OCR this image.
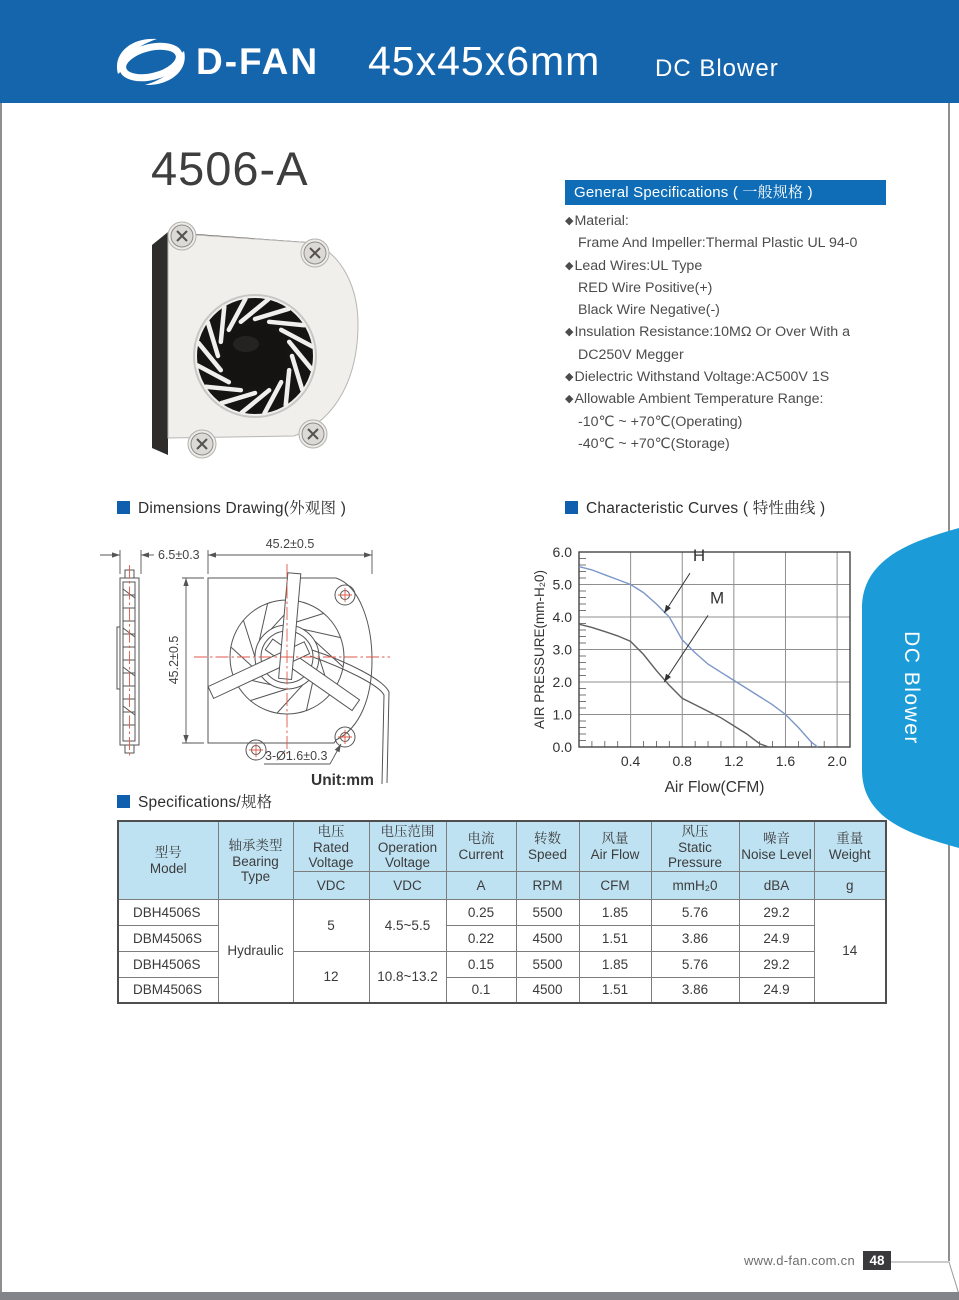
D-FAN 45x45x6mm DC Blower
4506-A	General Specifications ( 一般规格 )
◆Material:
Frame And Impeller:Thermal Plastic UL 94-0
◆Lead Wires:UL Type
RED Wire Positive(+)
Black Wire Negative(-)
◆Insulation Resistance:10MΩ Or Over With a
DC250V Megger
◆Dielectric Withstand Voltage:AC500V 1S
◆Allowable Ambient Temperature Range:
-10℃ ~ +70℃(Operating)
-40℃ ~ +70℃(Storage)
Dimensions Drawing(外观图 )	Characteristic Curves ( 特性曲线 )
Specifications/规格
6.5±0.3
45.2±0.5
45.2±0.5
3-Ø1.6±0.3
Unit:mm
0.4 0.8 1.2 1.6 2.0
0.0
1.0
2.0
3.0
4.0
5.0
6.0	H
M
Air Flow(CFM)
AIR PRESSURE(mm-H₂0)	DC Blower
型号
Model

轴承类型
Bearing Type

电压
Rated Voltage

电压范围
Operation Voltage

电流
Current

转数
Speed

风量
Air Flow

风压
Static Pressure

噪音
Noise Level

重量
Weight

		VDC	VDC	A	RPM	CFM	mmH₂0	dBA	g
DBH4506S	Hydraulic	5	4.5~5.5	0.25	5500	1.85	5.76	29.2	14
DBM4506S				0.22	4500	1.51	3.86	24.9	
DBH4506S		12	10.8~13.2	0.15	5500	1.85	5.76	29.2	
DBM4506S				0.1	4500	1.51	3.86	24.9	
www.d-fan.com.cn	48
